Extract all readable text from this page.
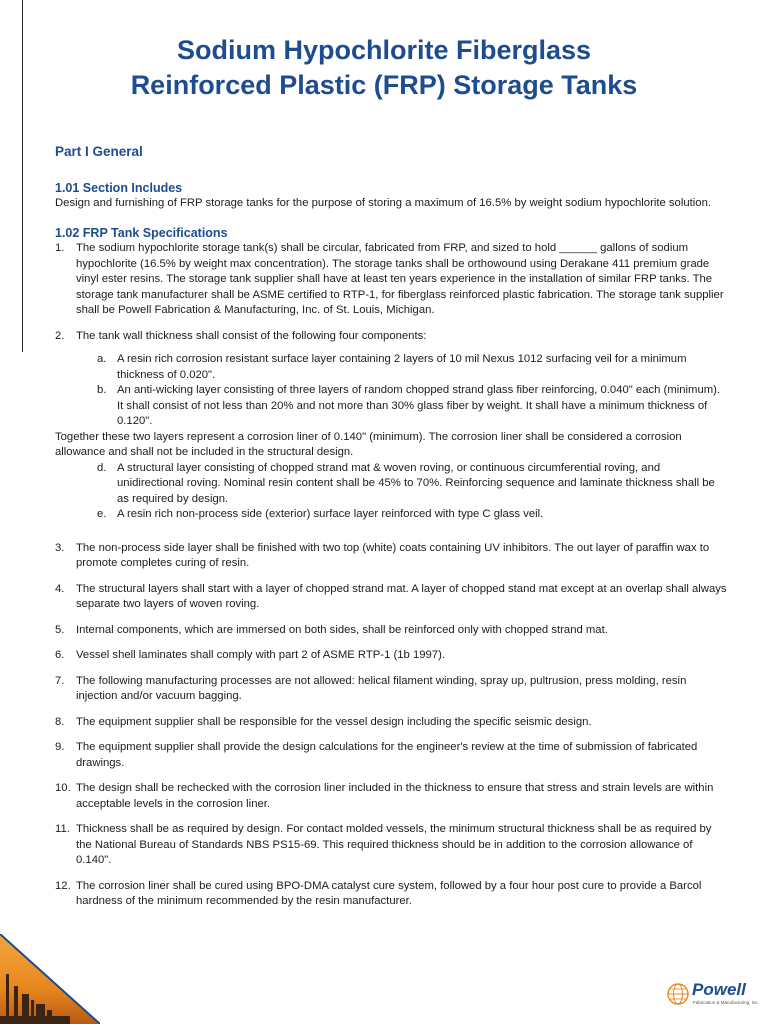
Sodium Hypochlorite Fiberglass
Reinforced Plastic (FRP) Storage Tanks
Part I General
1.01 Section Includes

Design and furnishing of FRP storage tanks for the purpose of storing a maximum of 16.5% by weight sodium hypochlorite solution.

1.02 FRP Tank Specifications
1. The sodium hypochlorite storage tank(s) shall be circular, fabricated from FRP, and sized to hold ______ gallons of sodium hypochlorite (16.5% by weight max concentration). The storage tanks shall be orthowound using Derakane 411 premium grade vinyl ester resins. The storage tank supplier shall have at least ten years experience in the installation of similar FRP tanks. The storage tank manufacturer shall be ASME certified to RTP-1, for fiberglass reinforced plastic fabrication. The storage tank supplier shall be Powell Fabrication & Manufacturing, Inc. of St. Louis, Michigan.
2. The tank wall thickness shall consist of the following four components:
a. A resin rich corrosion resistant surface layer containing 2 layers of 10 mil Nexus 1012 surfacing veil for a minimum thickness of 0.020".
b. An anti-wicking layer consisting of three layers of random chopped strand glass fiber reinforcing, 0.040" each (minimum). It shall consist of not less than 20% and not more than 30% glass fiber by weight. It shall have a minimum thickness of 0.120".
Together these two layers represent a corrosion liner of 0.140" (minimum). The corrosion liner shall be considered a corrosion allowance and shall not be included in the structural design.
d. A structural layer consisting of chopped strand mat & woven roving, or continuous circumferential roving, and unidirectional roving. Nominal resin content shall be 45% to 70%. Reinforcing sequence and laminate thickness shall be as required by design.
e. A resin rich non-process side (exterior) surface layer reinforced with type C glass veil.
3. The non-process side layer shall be finished with two top (white) coats containing UV inhibitors. The out layer of paraffin wax to promote completes curing of resin.
4. The structural layers shall start with a layer of chopped strand mat. A layer of chopped stand mat except at an overlap shall always separate two layers of woven roving.
5. Internal components, which are immersed on both sides, shall be reinforced only with chopped strand mat.
6. Vessel shell laminates shall comply with part 2 of ASME RTP-1 (1b 1997).
7. The following manufacturing processes are not allowed: helical filament winding, spray up, pultrusion, press molding, resin injection and/or vacuum bagging.
8. The equipment supplier shall be responsible for the vessel design including the specific seismic design.
9. The equipment supplier shall provide the design calculations for the engineer's review at the time of submission of fabricated drawings.
10. The design shall be rechecked with the corrosion liner included in the thickness to ensure that stress and strain levels are within acceptable levels in the corrosion liner.
11. Thickness shall be as required by design. For contact molded vessels, the minimum structural thickness shall be as required by the National Bureau of Standards NBS PS15-69. This required thickness should be in addition to the corrosion allowance of 0.140".
12. The corrosion liner shall be cured using BPO-DMA catalyst cure system, followed by a four hour post cure to provide a Barcol hardness of the minimum recommended by the resin manufacturer.
Powell
Fabrication & Manufacturing, Inc.
